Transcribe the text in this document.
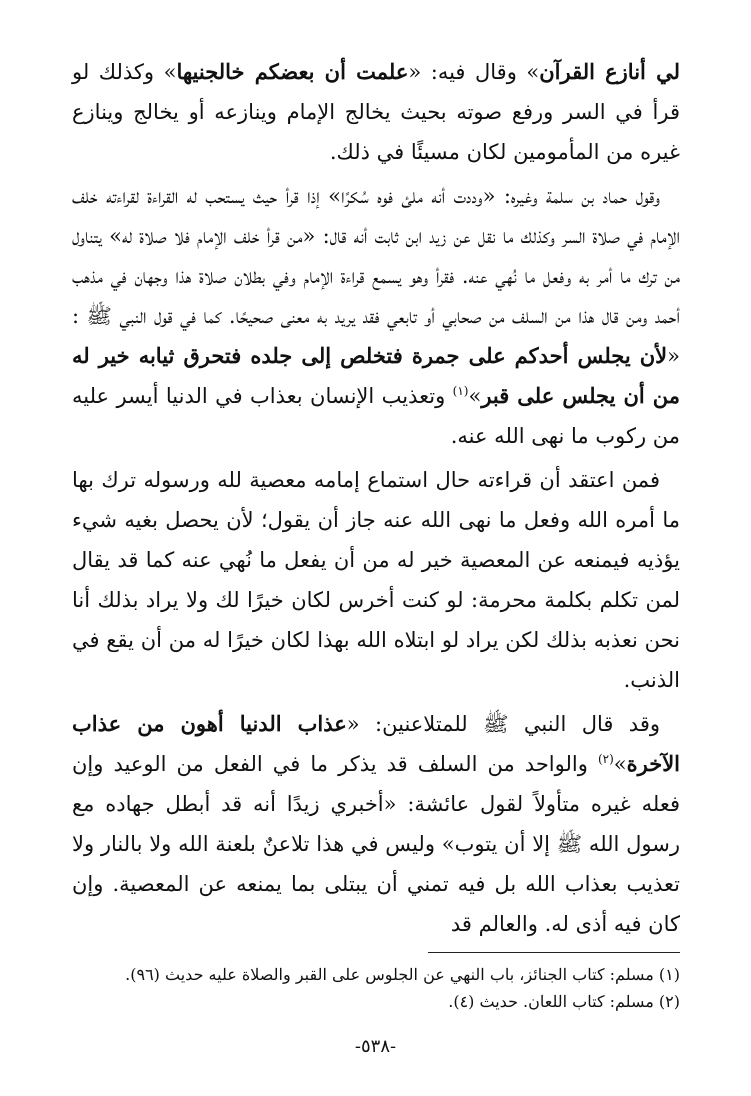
لي أنازع القرآن» وقال فيه: «علمت أن بعضكم خالجنيها» وكذلك لو قرأ في السر ورفع صوته بحيث يخالج الإمام وينازعه أو يخالج وينازع غيره من المأمومين لكان مسيئًا في ذلك.

وقول حماد بن سلمة وغيره: «وددت أنه ملئ فوه سُكرًا» إذا قرأ حيث يستحب له القراءة لقراءته خلف الإمام في صلاة السر وكذلك ما نقل عن زيد ابن ثابت أنه قال: «من قرأ خلف الإمام فلا صلاة له» يتناول من ترك ما أمر به وفعل ما نُهي عنه. فقرأ وهو يسمع قراءة الإمام وفي بطلان صلاة هذا وجهان في مذهب أحمد ومن قال هذا من السلف من صحابي أو تابعي فقد يريد به معنى صحيحًا. كما في قول النبي ﷺ : «لأن يجلس أحدكم على جمرة فتخلص إلى جلده فتحرق ثيابه خير له من أن يجلس على قبر»$^{(١)}$ وتعذيب الإنسان بعذاب في الدنيا أيسر عليه من ركوب ما نهى الله عنه.

فمن اعتقد أن قراءته حال استماع إمامه معصية لله ورسوله ترك بها ما أمره الله وفعل ما نهى الله عنه جاز أن يقول؛ لأن يحصل بغيه شيء يؤذيه فيمنعه عن المعصية خير له من أن يفعل ما نُهي عنه كما قد يقال لمن تكلم بكلمة محرمة: لو كنت أخرس لكان خيرًا لك ولا يراد بذلك أنا نحن نعذبه بذلك لكن يراد لو ابتلاه الله بهذا لكان خيرًا له من أن يقع في الذنب.

وقد قال النبي ﷺ للمتلاعنين: «عذاب الدنيا أهون من عذاب الآخرة»$^{(٢)}$ والواحد من السلف قد يذكر ما في الفعل من الوعيد وإن فعله غيره متأولاً لقول عائشة: «أخبري زيدًا أنه قد أبطل جهاده مع رسول الله ﷺ إلا أن يتوب» وليس في هذا تلاعنٌ بلعنة الله ولا بالنار ولا تعذيب بعذاب الله بل فيه تمني أن يبتلى بما يمنعه عن المعصية. وإن كان فيه أذى له. والعالم قد

(١) مسلم: كتاب الجنائز، باب النهي عن الجلوس على القبر والصلاة عليه حديث (٩٦).

(٢) مسلم: كتاب اللعان. حديث (٤).

-٥٣٨-
